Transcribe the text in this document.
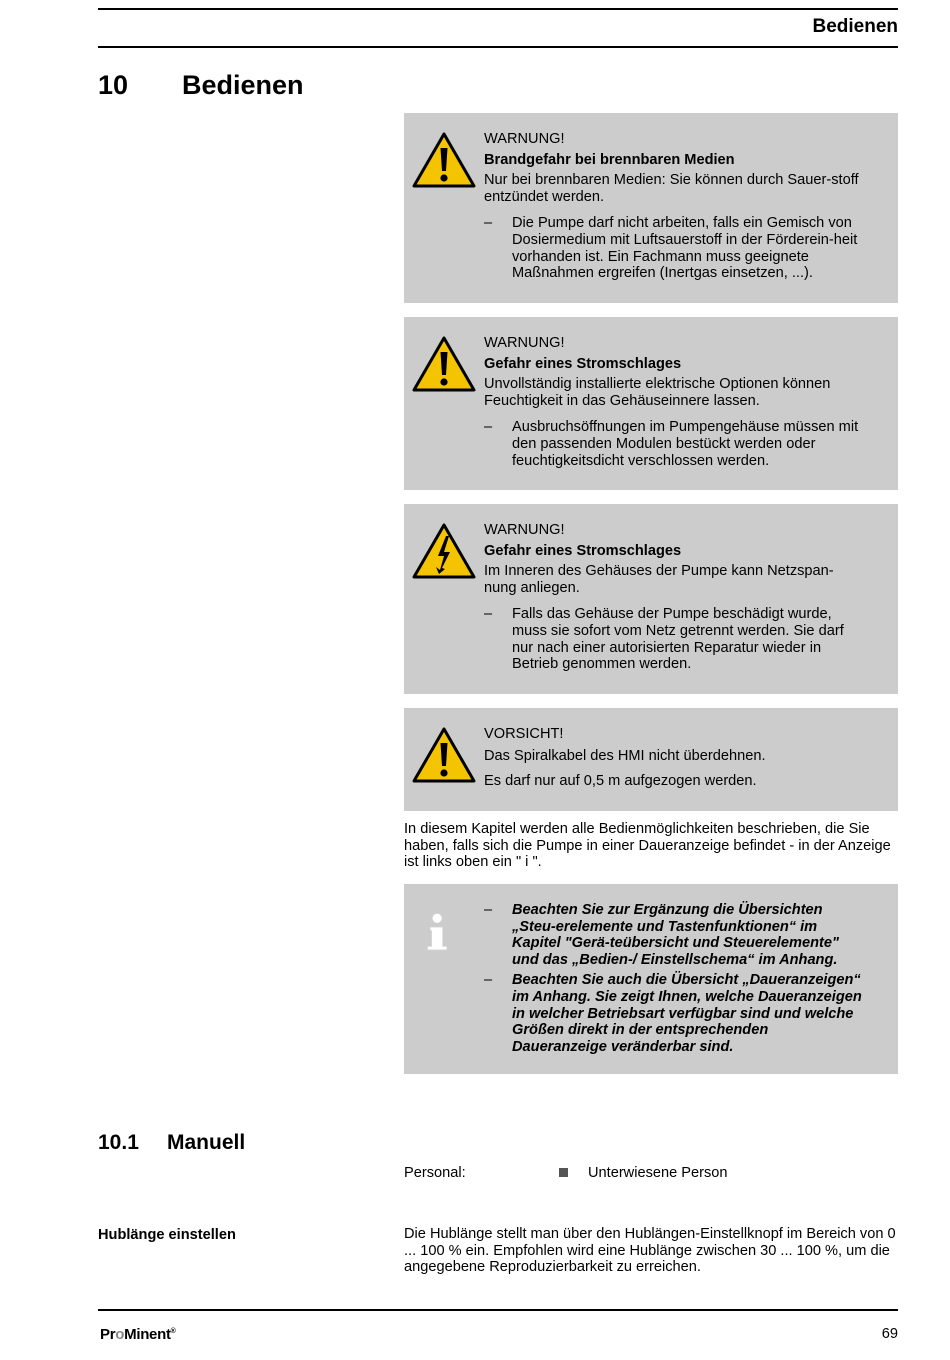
Bedienen
10 Bedienen

WARNUNG!

Brandgefahr bei brennbaren Medien

Nur bei brennbaren Medien: Sie können durch Sauer-stoff entzündet werden.

– Die Pumpe darf nicht arbeiten, falls ein Gemisch von Dosiermedium mit Luftsauerstoff in der Förderein-heit vorhanden ist. Ein Fachmann muss geeignete Maßnahmen ergreifen (Inertgas einsetzen, ...).

WARNUNG!

Gefahr eines Stromschlages

Unvollständig installierte elektrische Optionen können Feuchtigkeit in das Gehäuseinnere lassen.

– Ausbruchsöffnungen im Pumpengehäuse müssen mit den passenden Modulen bestückt werden oder feuchtigkeitsdicht verschlossen werden.

WARNUNG!

Gefahr eines Stromschlages

Im Inneren des Gehäuses der Pumpe kann Netzspan-nung anliegen.

– Falls das Gehäuse der Pumpe beschädigt wurde, muss sie sofort vom Netz getrennt werden. Sie darf nur nach einer autorisierten Reparatur wieder in Betrieb genommen werden.

VORSICHT!

Das Spiralkabel des HMI nicht überdehnen.

Es darf nur auf 0,5 m aufgezogen werden.

In diesem Kapitel werden alle Bedienmöglichkeiten beschrieben, die Sie haben, falls sich die Pumpe in einer Daueranzeige befindet - in der Anzeige ist links oben ein " i ".
– Beachten Sie zur Ergänzung die Übersichten „Steu-erelemente und Tastenfunktionen“ im Kapitel "Gerä-teübersicht und Steuerelemente" und das „Bedien-/ Einstellschema“ im Anhang.
– Beachten Sie auch die Übersicht „Daueranzeigen“ im Anhang. Sie zeigt Ihnen, welche Daueranzeigen in welcher Betriebsart verfügbar sind und welche Größen direkt in der entsprechenden Daueranzeige veränderbar sind.
10.1 Manuell
Personal:	Unterwiesene Person
Hublänge einstellen	Die Hublänge stellt man über den Hublängen-Einstellknopf im Bereich von 0 ... 100 % ein. Empfohlen wird eine Hublänge zwischen 30 ... 100 %, um die angegebene Reproduzierbarkeit zu erreichen.
ProMinent®	69
